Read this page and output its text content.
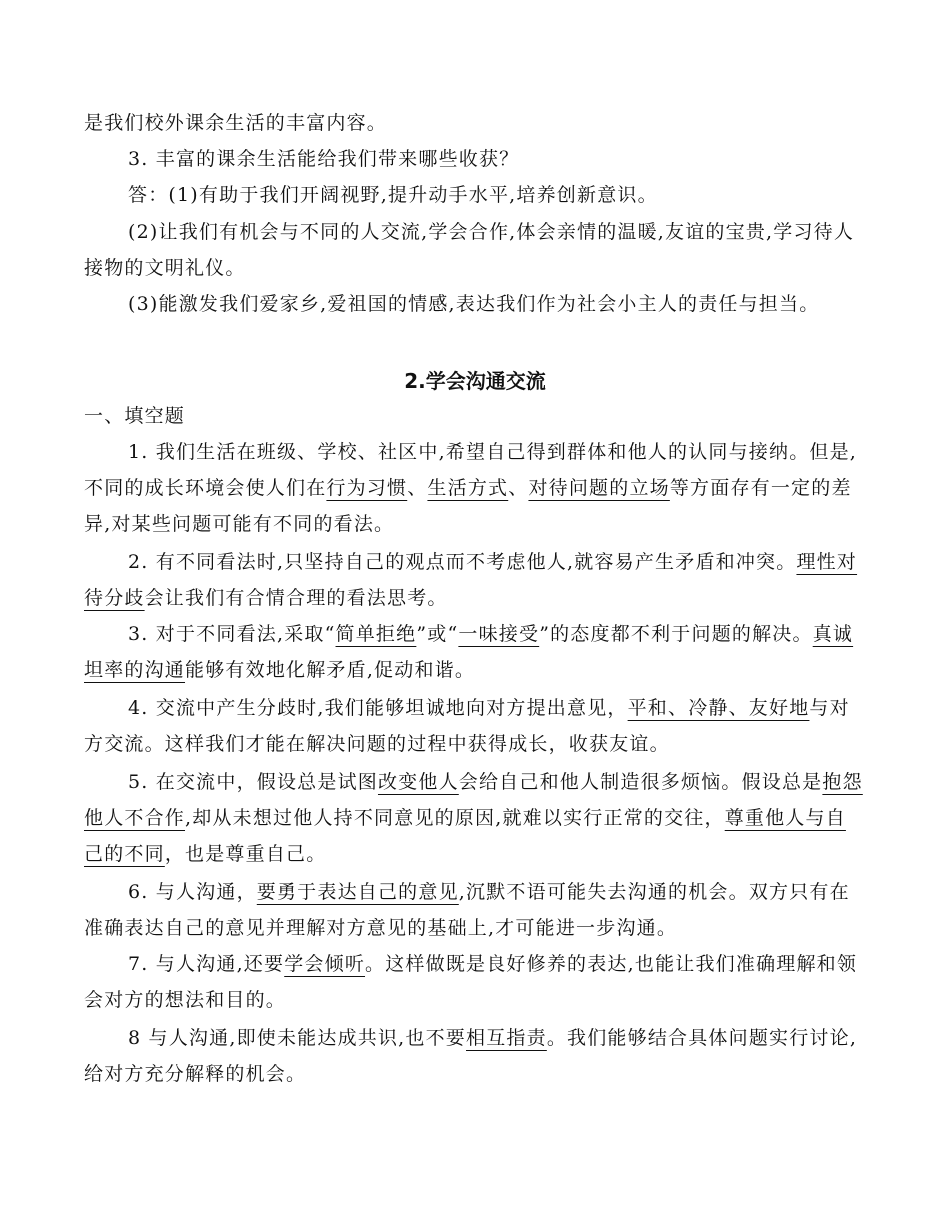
是我们校外课余生活的丰富内容。

3. 丰富的课余生活能给我们带来哪些收获？

答：(1)有助于我们开阔视野,提升动手水平,培养创新意识。

(2)让我们有机会与不同的人交流,学会合作,体会亲情的温暖,友谊的宝贵,学习待人接物的文明礼仪。

(3)能激发我们爱家乡,爱祖国的情感,表达我们作为社会小主人的责任与担当。

2.学会沟通交流

一、填空题

1. 我们生活在班级、学校、社区中,希望自己得到群体和他人的认同与接纳。但是,不同的成长环境会使人们在行为习惯、生活方式、对待问题的立场等方面存有一定的差异,对某些问题可能有不同的看法。

2. 有不同看法时,只坚持自己的观点而不考虑他人,就容易产生矛盾和冲突。理性对待分歧会让我们有合情合理的看法思考。

3. 对于不同看法,采取“简单拒绝”或“一味接受”的态度都不利于问题的解决。真诚坦率的沟通能够有效地化解矛盾,促动和谐。

4. 交流中产生分歧时,我们能够坦诚地向对方提出意见，平和、冷静、友好地与对方交流。这样我们才能在解决问题的过程中获得成长，收获友谊。

5. 在交流中，假设总是试图改变他人会给自己和他人制造很多烦恼。假设总是抱怨他人不合作,却从未想过他人持不同意见的原因,就难以实行正常的交往，尊重他人与自己的不同，也是尊重自己。

6. 与人沟通，要勇于表达自己的意见,沉默不语可能失去沟通的机会。双方只有在准确表达自己的意见并理解对方意见的基础上,才可能进一步沟通。

7. 与人沟通,还要学会倾听。这样做既是良好修养的表达,也能让我们准确理解和领会对方的想法和目的。

8 与人沟通,即使未能达成共识,也不要相互指责。我们能够结合具体问题实行讨论,给对方充分解释的机会。
